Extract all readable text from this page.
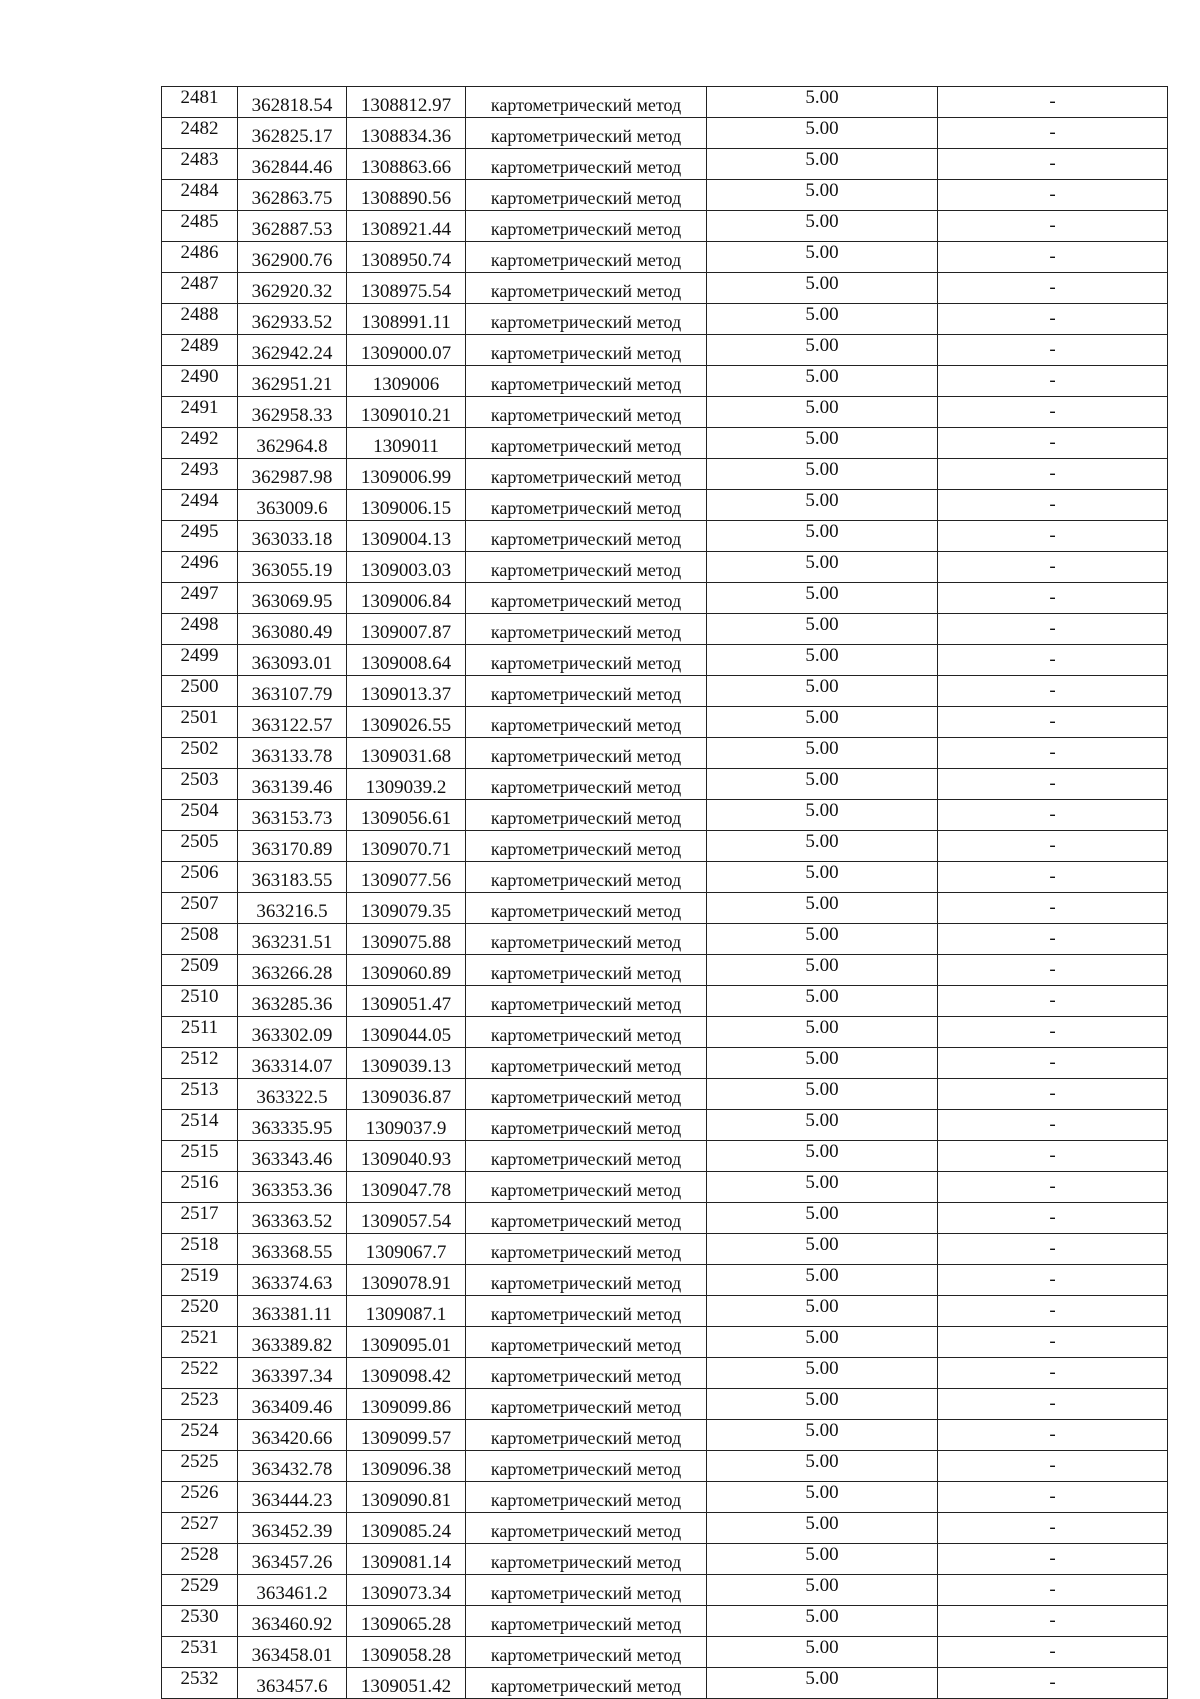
2481	362818.54	1308812.97	картометрический метод	5.00	-
2482	362825.17	1308834.36	картометрический метод	5.00	-
2483	362844.46	1308863.66	картометрический метод	5.00	-
2484	362863.75	1308890.56	картометрический метод	5.00	-
2485	362887.53	1308921.44	картометрический метод	5.00	-
2486	362900.76	1308950.74	картометрический метод	5.00	-
2487	362920.32	1308975.54	картометрический метод	5.00	-
2488	362933.52	1308991.11	картометрический метод	5.00	-
2489	362942.24	1309000.07	картометрический метод	5.00	-
2490	362951.21	1309006	картометрический метод	5.00	-
2491	362958.33	1309010.21	картометрический метод	5.00	-
2492	362964.8	1309011	картометрический метод	5.00	-
2493	362987.98	1309006.99	картометрический метод	5.00	-
2494	363009.6	1309006.15	картометрический метод	5.00	-
2495	363033.18	1309004.13	картометрический метод	5.00	-
2496	363055.19	1309003.03	картометрический метод	5.00	-
2497	363069.95	1309006.84	картометрический метод	5.00	-
2498	363080.49	1309007.87	картометрический метод	5.00	-
2499	363093.01	1309008.64	картометрический метод	5.00	-
2500	363107.79	1309013.37	картометрический метод	5.00	-
2501	363122.57	1309026.55	картометрический метод	5.00	-
2502	363133.78	1309031.68	картометрический метод	5.00	-
2503	363139.46	1309039.2	картометрический метод	5.00	-
2504	363153.73	1309056.61	картометрический метод	5.00	-
2505	363170.89	1309070.71	картометрический метод	5.00	-
2506	363183.55	1309077.56	картометрический метод	5.00	-
2507	363216.5	1309079.35	картометрический метод	5.00	-
2508	363231.51	1309075.88	картометрический метод	5.00	-
2509	363266.28	1309060.89	картометрический метод	5.00	-
2510	363285.36	1309051.47	картометрический метод	5.00	-
2511	363302.09	1309044.05	картометрический метод	5.00	-
2512	363314.07	1309039.13	картометрический метод	5.00	-
2513	363322.5	1309036.87	картометрический метод	5.00	-
2514	363335.95	1309037.9	картометрический метод	5.00	-
2515	363343.46	1309040.93	картометрический метод	5.00	-
2516	363353.36	1309047.78	картометрический метод	5.00	-
2517	363363.52	1309057.54	картометрический метод	5.00	-
2518	363368.55	1309067.7	картометрический метод	5.00	-
2519	363374.63	1309078.91	картометрический метод	5.00	-
2520	363381.11	1309087.1	картометрический метод	5.00	-
2521	363389.82	1309095.01	картометрический метод	5.00	-
2522	363397.34	1309098.42	картометрический метод	5.00	-
2523	363409.46	1309099.86	картометрический метод	5.00	-
2524	363420.66	1309099.57	картометрический метод	5.00	-
2525	363432.78	1309096.38	картометрический метод	5.00	-
2526	363444.23	1309090.81	картометрический метод	5.00	-
2527	363452.39	1309085.24	картометрический метод	5.00	-
2528	363457.26	1309081.14	картометрический метод	5.00	-
2529	363461.2	1309073.34	картометрический метод	5.00	-
2530	363460.92	1309065.28	картометрический метод	5.00	-
2531	363458.01	1309058.28	картометрический метод	5.00	-
2532	363457.6	1309051.42	картометрический метод	5.00	-
